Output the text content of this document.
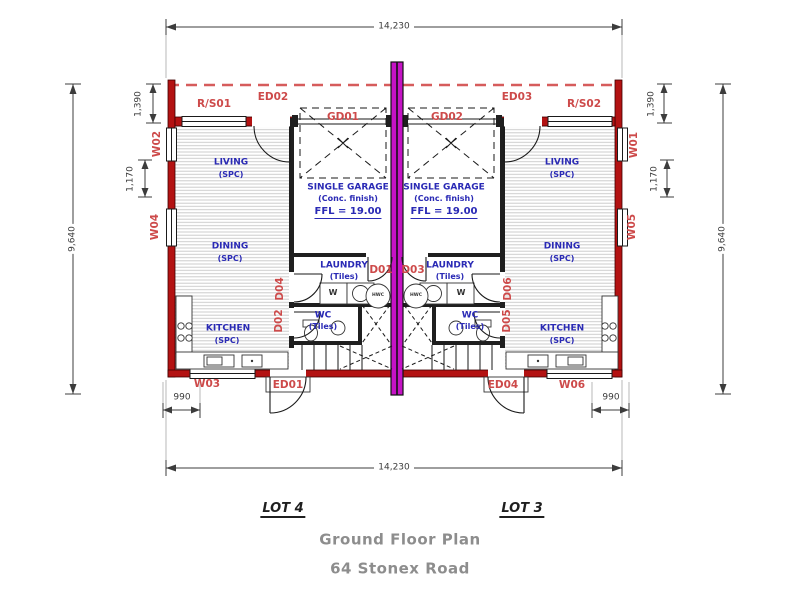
14,230
14,230
9,640	9,640
1,390	1,390
1,170	1,170
990	990
R/S01
ED02
GD01	GD02
ED03
R/S02
W02
W04
W01
W05
W03	ED01	ED04	W06
D01 D03
D04
D02
D06
D05
LIVING
(SPC)
SINGLE GARAGE
(Conc. finish)
FFL = 19.00
DINING
(SPC)
LAUNDRY
(Tiles)
WC
(Tiles)
KITCHEN
(SPC)
LIVING
(SPC)
SINGLE GARAGE
(Conc. finish)
FFL = 19.00
DINING
(SPC)
LAUNDRY
(Tiles)
WC
(Tiles)	KITCHEN
(SPC)
W	W
HWC	HWC
LOT 4	LOT 3
Ground Floor Plan
64 Stonex Road
